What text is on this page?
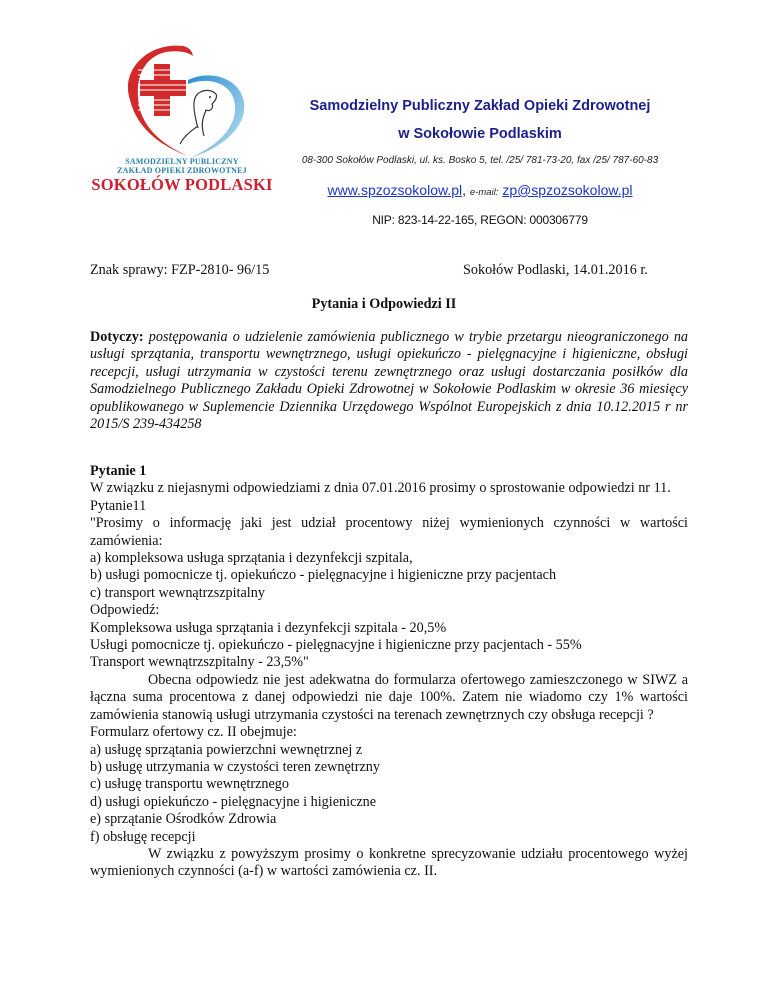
SAMODZIELNY PUBLICZNY
ZAKŁAD OPIEKI ZDROWOTNEJ
SOKOŁÓW PODLASKI
Samodzielny Publiczny Zakład Opieki Zdrowotnej
w Sokołowie Podlaskim
08-300 Sokołów Podlaski, ul. ks. Bosko 5, tel. /25/ 781-73-20, fax /25/ 787-60-83
www.spzozsokolow.pl, e-mail: zp@spzozsokolow.pl
NIP: 823-14-22-165, REGON: 000306779
Znak sprawy: FZP-2810- 96/15	Sokołów Podlaski, 14.01.2016 r.
Pytania i Odpowiedzi II

Dotyczy: postępowania o udzielenie zamówienia publicznego w trybie przetargu nieograniczonego na usługi sprzątania, transportu wewnętrznego, usługi opiekuńczo - pielęgnacyjne i higieniczne, obsługi recepcji, usługi utrzymania w czystości terenu zewnętrznego oraz usługi dostarczania posiłków dla Samodzielnego Publicznego Zakładu Opieki Zdrowotnej w Sokołowie Podlaskim w okresie 36 miesięcy opublikowanego w Suplemencie Dziennika Urzędowego Wspólnot Europejskich z dnia 10.12.2015 r nr 2015/S 239-434258

Pytanie 1

W związku z niejasnymi odpowiedziami z dnia 07.01.2016 prosimy o sprostowanie odpowiedzi nr 11.

Pytanie11

"Prosimy o informację jaki jest udział procentowy niżej wymienionych czynności w wartości zamówienia:

a) kompleksowa usługa sprzątania i dezynfekcji szpitala,

b) usługi pomocnicze tj. opiekuńczo - pielęgnacyjne i higieniczne przy pacjentach

c) transport wewnątrzszpitalny

Odpowiedź:

Kompleksowa usługa sprzątania i dezynfekcji szpitala - 20,5%

Usługi pomocnicze tj. opiekuńczo - pielęgnacyjne i higieniczne przy pacjentach - 55%

Transport wewnątrzszpitalny - 23,5%"

Obecna odpowiedz nie jest adekwatna do formularza ofertowego zamieszczonego w SIWZ a łączna suma procentowa z danej odpowiedzi nie daje 100%. Zatem nie wiadomo czy 1% wartości zamówienia stanowią usługi utrzymania czystości na terenach zewnętrznych czy obsługa recepcji ?

Formularz ofertowy cz. II obejmuje:

a) usługę sprzątania powierzchni wewnętrznej z

b) usługę utrzymania w czystości teren zewnętrzny

c) usługę transportu wewnętrznego

d) usługi opiekuńczo - pielęgnacyjne i higieniczne

e) sprzątanie Ośrodków Zdrowia

f) obsługę recepcji

W związku z powyższym prosimy o konkretne sprecyzowanie udziału procentowego wyżej wymienionych czynności (a-f) w wartości zamówienia cz. II.
